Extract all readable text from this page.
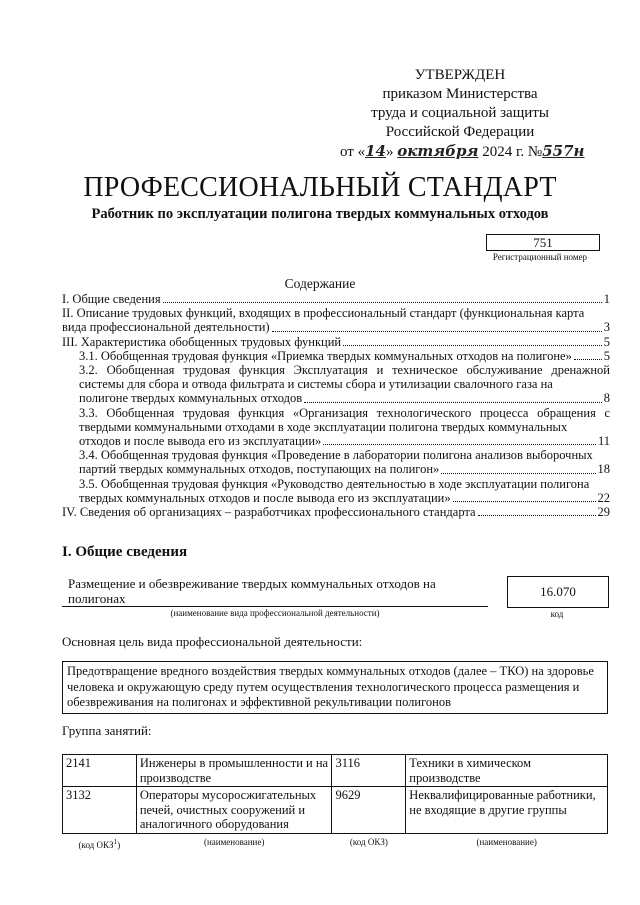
УТВЕРЖДЕН
приказом Министерства
труда и социальной защиты
Российской Федерации
от «14» октября 2024 г. №557н
ПРОФЕССИОНАЛЬНЫЙ СТАНДАРТ
Работник по эксплуатации полигона твердых коммунальных отходов
751
Регистрационный номер
Содержание
I. Общие сведения	1
II. Описание трудовых функций, входящих в профессиональный стандарт (функциональная карта
вида профессиональной деятельности)	3
III. Характеристика обобщенных трудовых функций	5
3.1. Обобщенная трудовая функция «Приемка твердых коммунальных отходов на полигоне»	5
3.2. Обобщенная трудовая функция Эксплуатация и техническое обслуживание дренажной системы для сбора и отвода фильтрата и системы сбора и утилизации свалочного газа на
полигоне твердых коммунальных отходов	8
3.3. Обобщенная трудовая функция «Организация технологического процесса обращения с твердыми коммунальными отходами в ходе эксплуатации полигона твердых коммунальных
отходов и после вывода его из эксплуатации»	11
3.4. Обобщенная трудовая функция «Проведение в лаборатории полигона анализов выборочных
партий твердых коммунальных отходов, поступающих на полигон»	18
3.5. Обобщенная трудовая функция «Руководство деятельностью в ходе эксплуатации полигона
твердых коммунальных отходов и после вывода его из эксплуатации»	22
IV. Сведения об организациях – разработчиках профессионального стандарта	29
I. Общие сведения
Размещение и обезвреживание твердых коммунальных отходов на полигонах
(наименование вида профессиональной деятельности)
16.070
код
Основная цель вида профессиональной деятельности:
Предотвращение вредного воздействия твердых коммунальных отходов (далее – ТКО) на здоровье человека и окружающую среду путем осуществления технологического процесса размещения и обезвреживания на полигонах и эффективной рекультивации полигонов
Группа занятий:
2141	Инженеры в промышленности и на производстве	3116	Техники в химическом производстве
3132	Операторы мусоросжигательных печей, очистных сооружений и аналогичного оборудования	9629	Неквалифицированные работники, не входящие в другие группы
(код ОКЗ$^1$)	(наименование)	(код ОКЗ)	(наименование)
